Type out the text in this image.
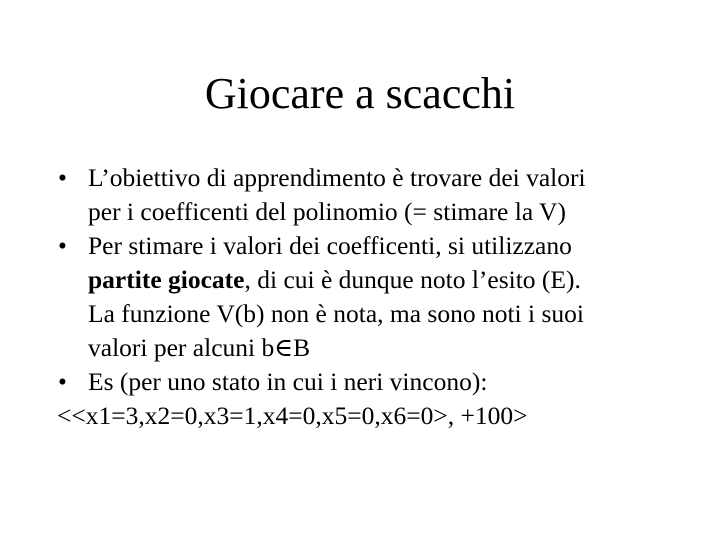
Giocare a scacchi
• L’obiettivo di apprendimento è trovare dei valori
per i coefficenti del polinomio (= stimare la V)
• Per stimare i valori dei coefficenti, si utilizzano
partite giocate, di cui è dunque noto l’esito (E).
La funzione V(b) non è nota, ma sono noti i suoi
valori per alcuni b∈B
• Es (per uno stato in cui i neri vincono):
<<x1=3,x2=0,x3=1,x4=0,x5=0,x6=0>, +100>
